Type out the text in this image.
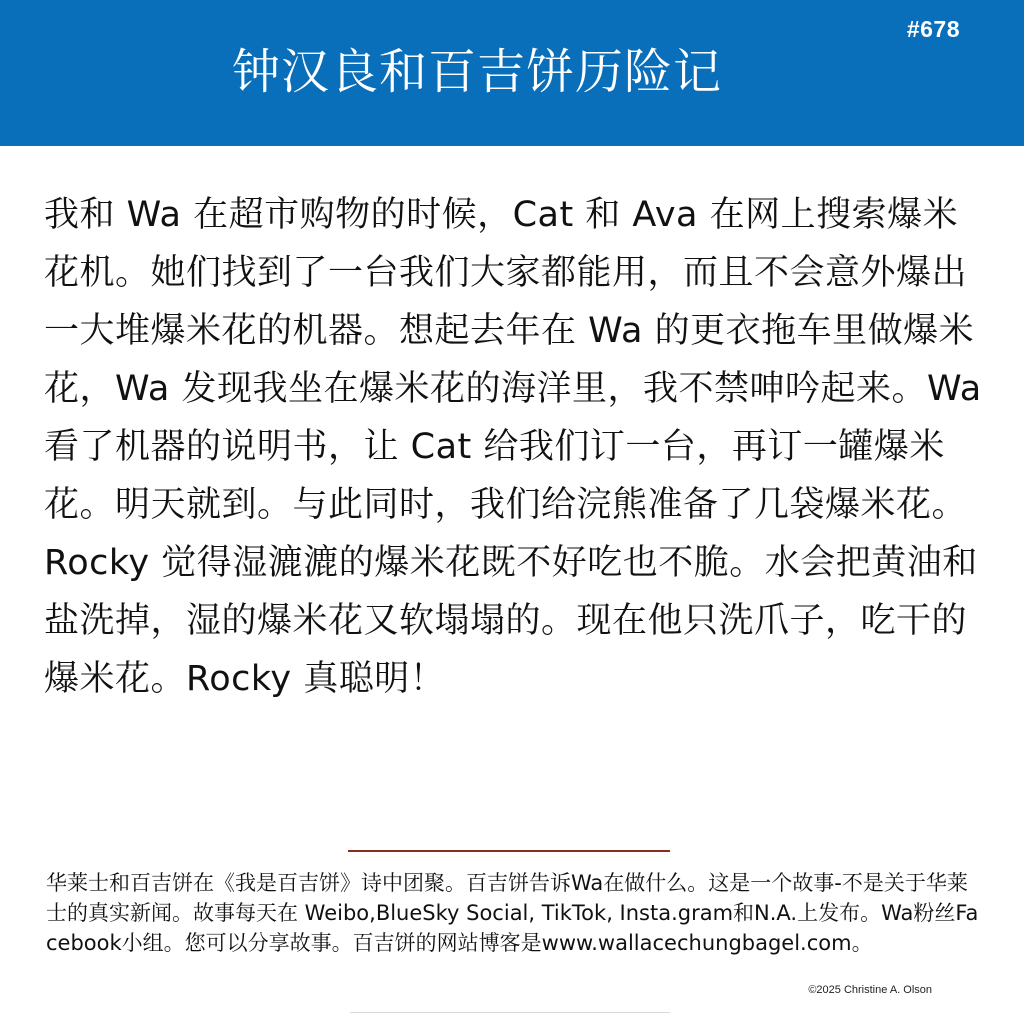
#678
钟汉良和百吉饼历险记

我和 Wa 在超市购物的时候，Cat 和 Ava 在网上搜索爆米花机。她们找到了一台我们大家都能用，而且不会意外爆出一大堆爆米花的机器。想起去年在 Wa 的更衣拖车里做爆米花，Wa 发现我坐在爆米花的海洋里，我不禁呻吟起来。Wa 看了机器的说明书，让 Cat 给我们订一台，再订一罐爆米花。明天就到。与此同时，我们给浣熊准备了几袋爆米花。Rocky 觉得湿漉漉的爆米花既不好吃也不脆。水会把黄油和盐洗掉，湿的爆米花又软塌塌的。现在他只洗爪子，吃干的爆米花。Rocky 真聪明！

华莱士和百吉饼在《我是百吉饼》诗中团聚。百吉饼告诉Wa在做什么。这是一个故事-不是关于华莱士的真实新闻。故事每天在 Weibo,BlueSky Social, TikTok, Insta.gram和N.A.上发布。Wa粉丝Facebook小组。您可以分享故事。百吉饼的网站博客是www.wallacechungbagel.com。

©2025 Christine A. Olson
